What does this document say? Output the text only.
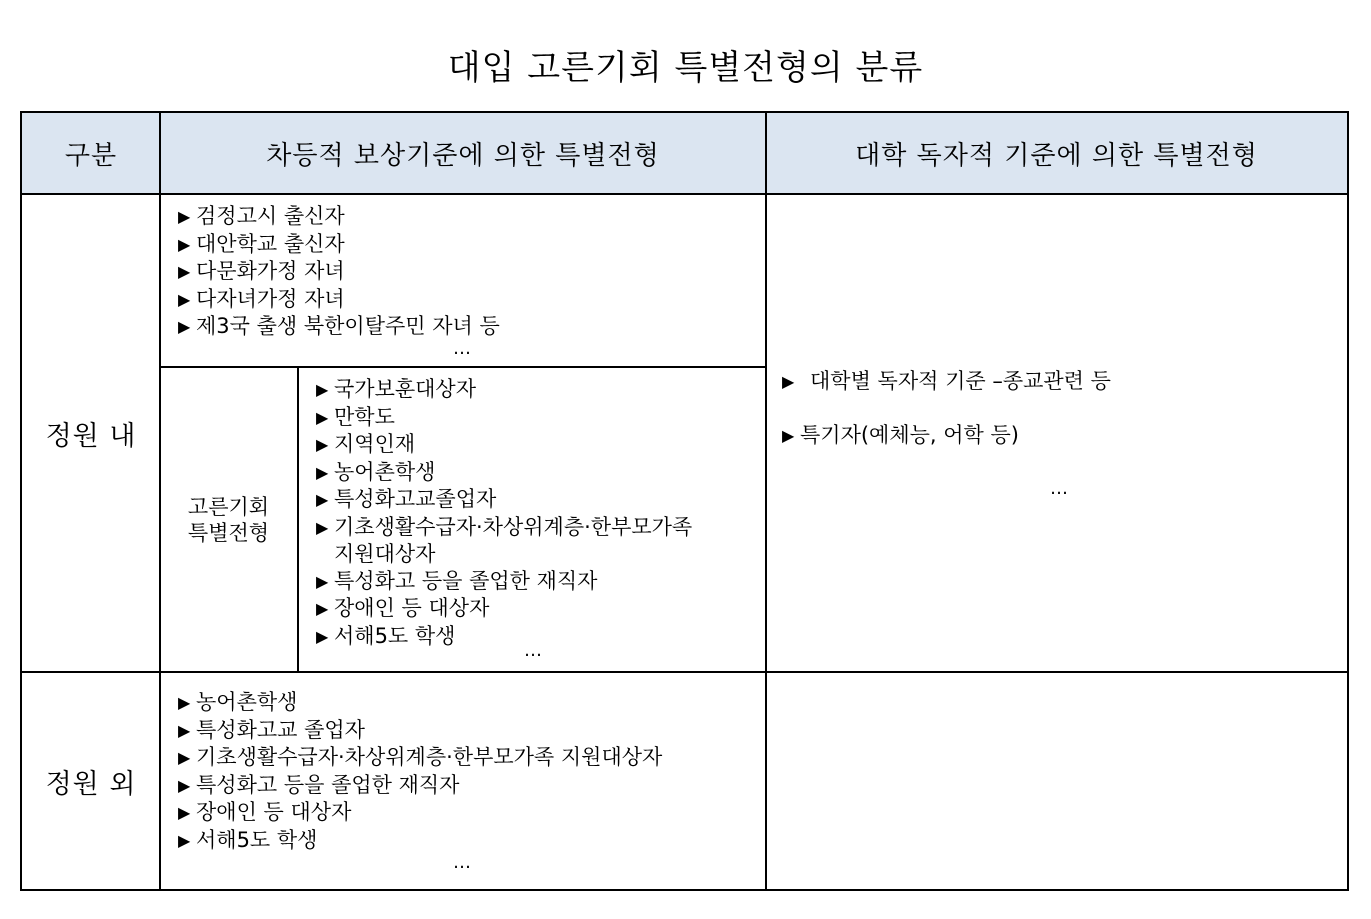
대입 고른기회 특별전형의 분류
구분	차등적 보상기준에 의한 특별전형	대학 독자적 기준에 의한 특별전형
정원 내
▶ 검정고시 출신자
▶ 대안학교 출신자
▶ 다문화가정 자녀
▶ 다자녀가정 자녀
▶ 제3국 출생 북한이탈주민 자녀 등
…
고른기회
특별전형
▶ 국가보훈대상자
▶ 만학도
▶ 지역인재
▶ 농어촌학생
▶ 특성화고교졸업자
▶ 기초생활수급자·차상위계층·한부모가족
지원대상자
▶ 특성화고 등을 졸업한 재직자
▶ 장애인 등 대상자
▶ 서해5도 학생
…
▶ 대학별 독자적 기준 –종교관련 등
▶ 특기자(예체능, 어학 등)
…
정원 외
▶ 농어촌학생
▶ 특성화고교 졸업자
▶ 기초생활수급자·차상위계층·한부모가족 지원대상자
▶ 특성화고 등을 졸업한 재직자
▶ 장애인 등 대상자
▶ 서해5도 학생
…
